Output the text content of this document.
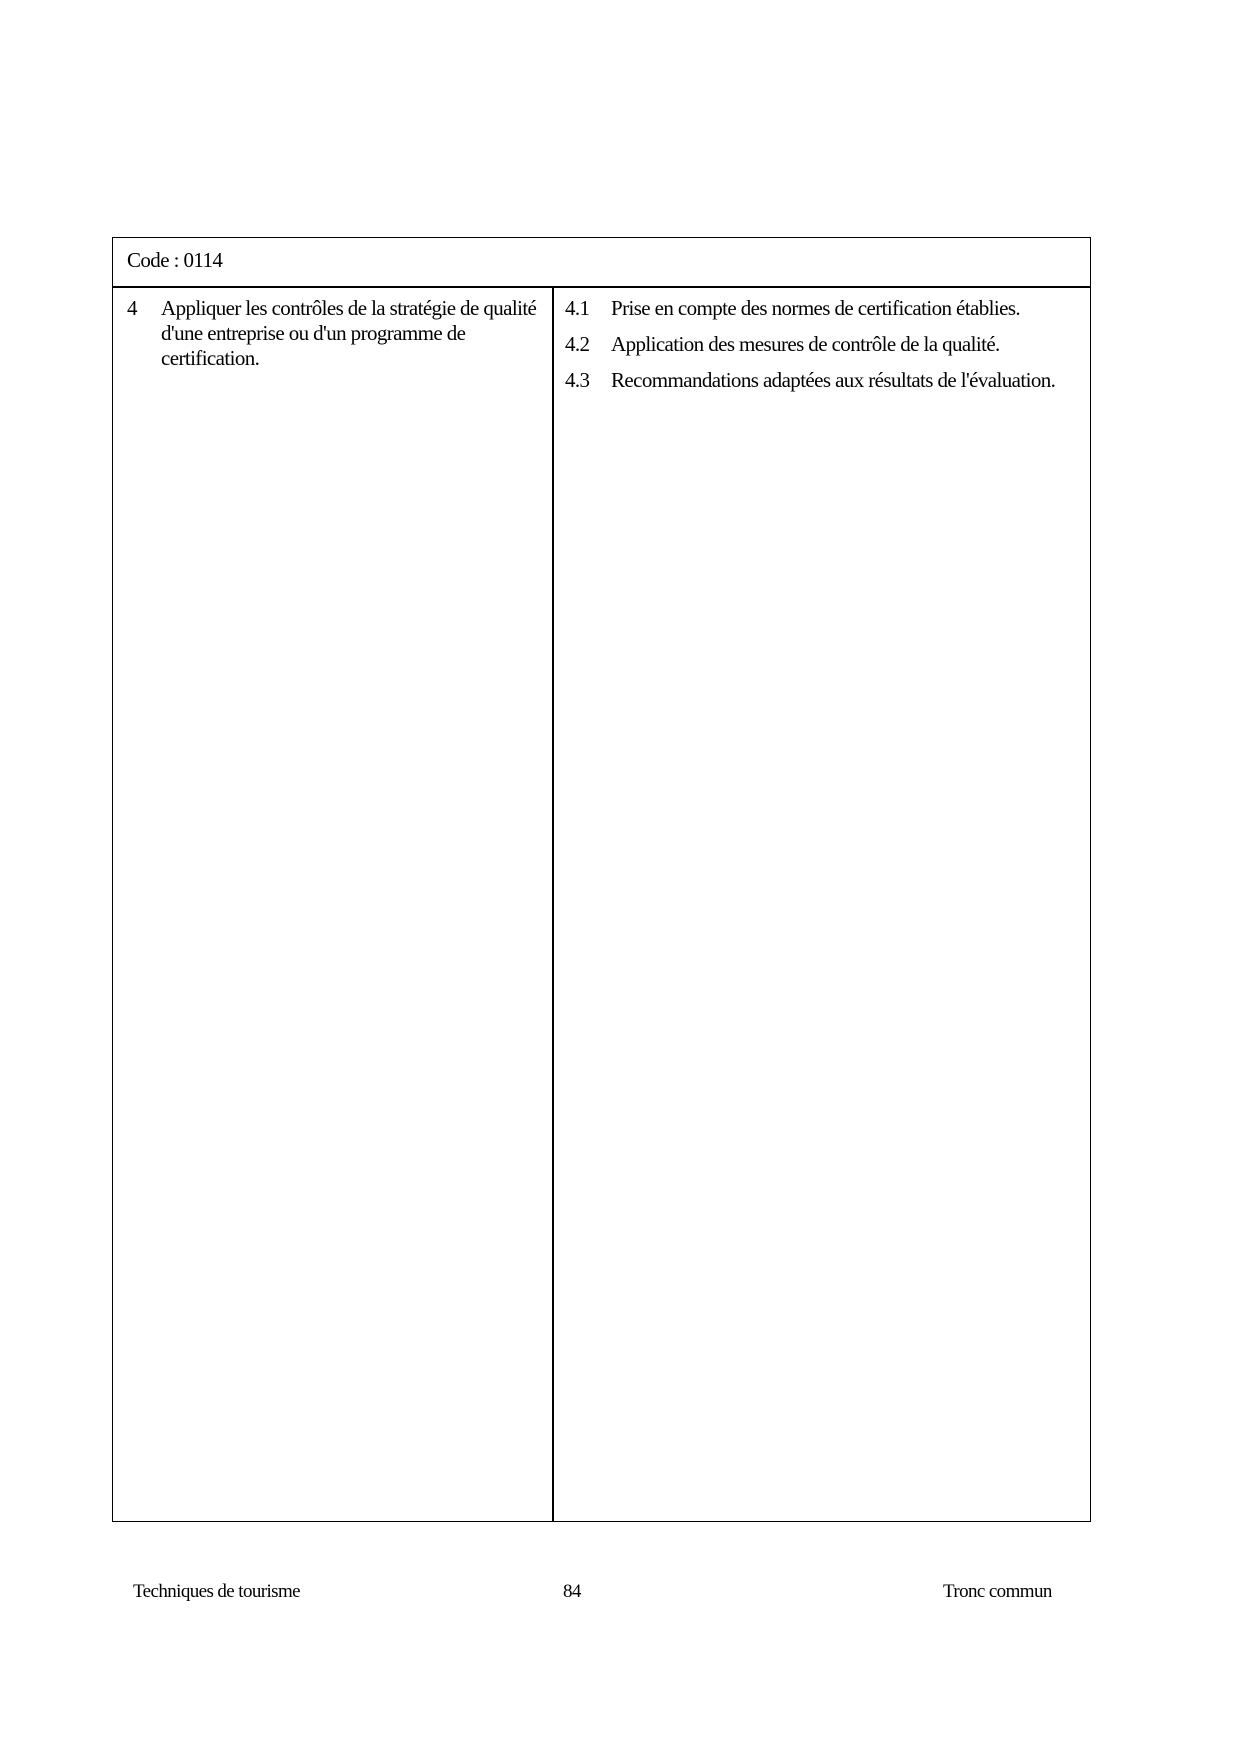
Code : 0114
4 Appliquer les contrôles de la stratégie de qualité d'une entreprise ou d'un programme de certification.
4.1 Prise en compte des normes de certification établies.
4.2 Application des mesures de contrôle de la qualité.
4.3 Recommandations adaptées aux résultats de l'évaluation.
Techniques de tourisme	84	Tronc commun
